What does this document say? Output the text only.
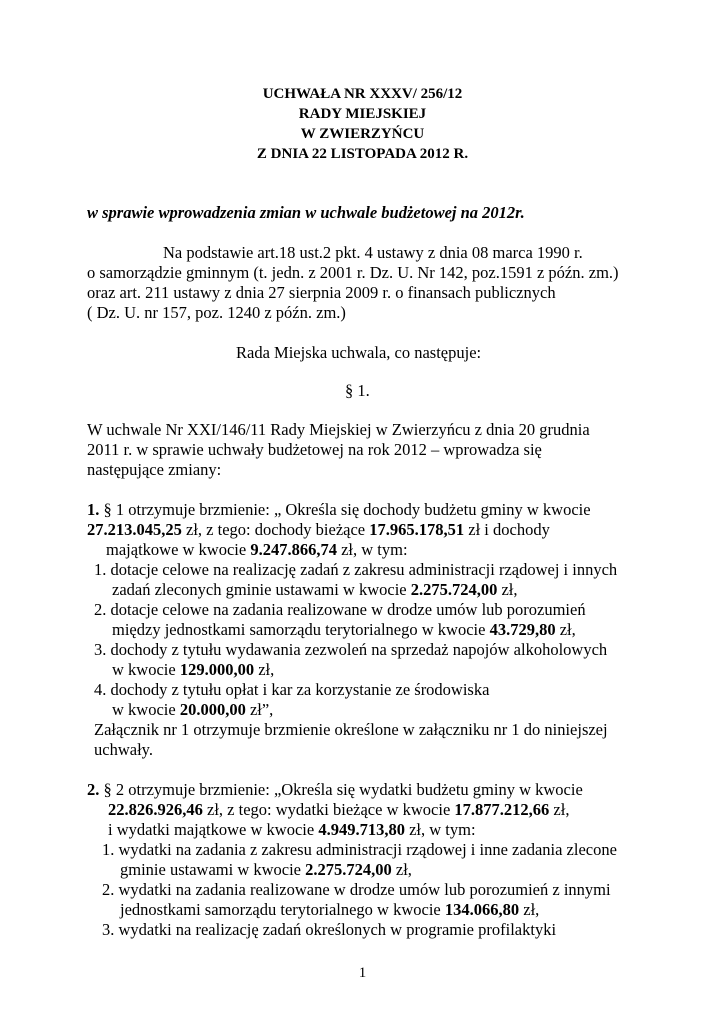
UCHWAŁA NR XXXV/ 256/12
RADY MIEJSKIEJ
W ZWIERZYŃCU
Z DNIA 22 LISTOPADA 2012 R.
w sprawie wprowadzenia zmian w uchwale budżetowej na 2012r.
Na podstawie art.18 ust.2 pkt. 4 ustawy z dnia 08 marca 1990 r.
o samorządzie gminnym (t. jedn. z 2001 r. Dz. U. Nr 142, poz.1591 z późn. zm.)
oraz art. 211 ustawy z dnia 27 sierpnia 2009 r. o finansach publicznych
( Dz. U. nr 157, poz. 1240 z późn. zm.)
Rada Miejska uchwala, co następuje:
§ 1.
W uchwale Nr XXI/146/11 Rady Miejskiej w Zwierzyńcu z dnia 20 grudnia
2011 r. w sprawie uchwały budżetowej na rok 2012 – wprowadza się
następujące zmiany:
1. § 1 otrzymuje brzmienie: „ Określa się dochody budżetu gminy w kwocie
27.213.045,25 zł, z tego: dochody bieżące 17.965.178,51 zł i dochody
majątkowe w kwocie 9.247.866,74 zł, w tym:
1. dotacje celowe na realizację zadań z zakresu administracji rządowej i innych
zadań zleconych gminie ustawami w kwocie 2.275.724,00 zł,
2. dotacje celowe na zadania realizowane w drodze umów lub porozumień
między jednostkami samorządu terytorialnego w kwocie 43.729,80 zł,
3. dochody z tytułu wydawania zezwoleń na sprzedaż napojów alkoholowych
w kwocie 129.000,00 zł,
4. dochody z tytułu opłat i kar za korzystanie ze środowiska
w kwocie 20.000,00 zł”,
Załącznik nr 1 otrzymuje brzmienie określone w załączniku nr 1 do niniejszej
uchwały.
2. § 2 otrzymuje brzmienie: „Określa się wydatki budżetu gminy w kwocie
22.826.926,46 zł, z tego: wydatki bieżące w kwocie 17.877.212,66 zł,
i wydatki majątkowe w kwocie 4.949.713,80 zł, w tym:
1. wydatki na zadania z zakresu administracji rządowej i inne zadania zlecone
gminie ustawami w kwocie 2.275.724,00 zł,
2. wydatki na zadania realizowane w drodze umów lub porozumień z innymi
jednostkami samorządu terytorialnego w kwocie 134.066,80 zł,
3. wydatki na realizację zadań określonych w programie profilaktyki
1
